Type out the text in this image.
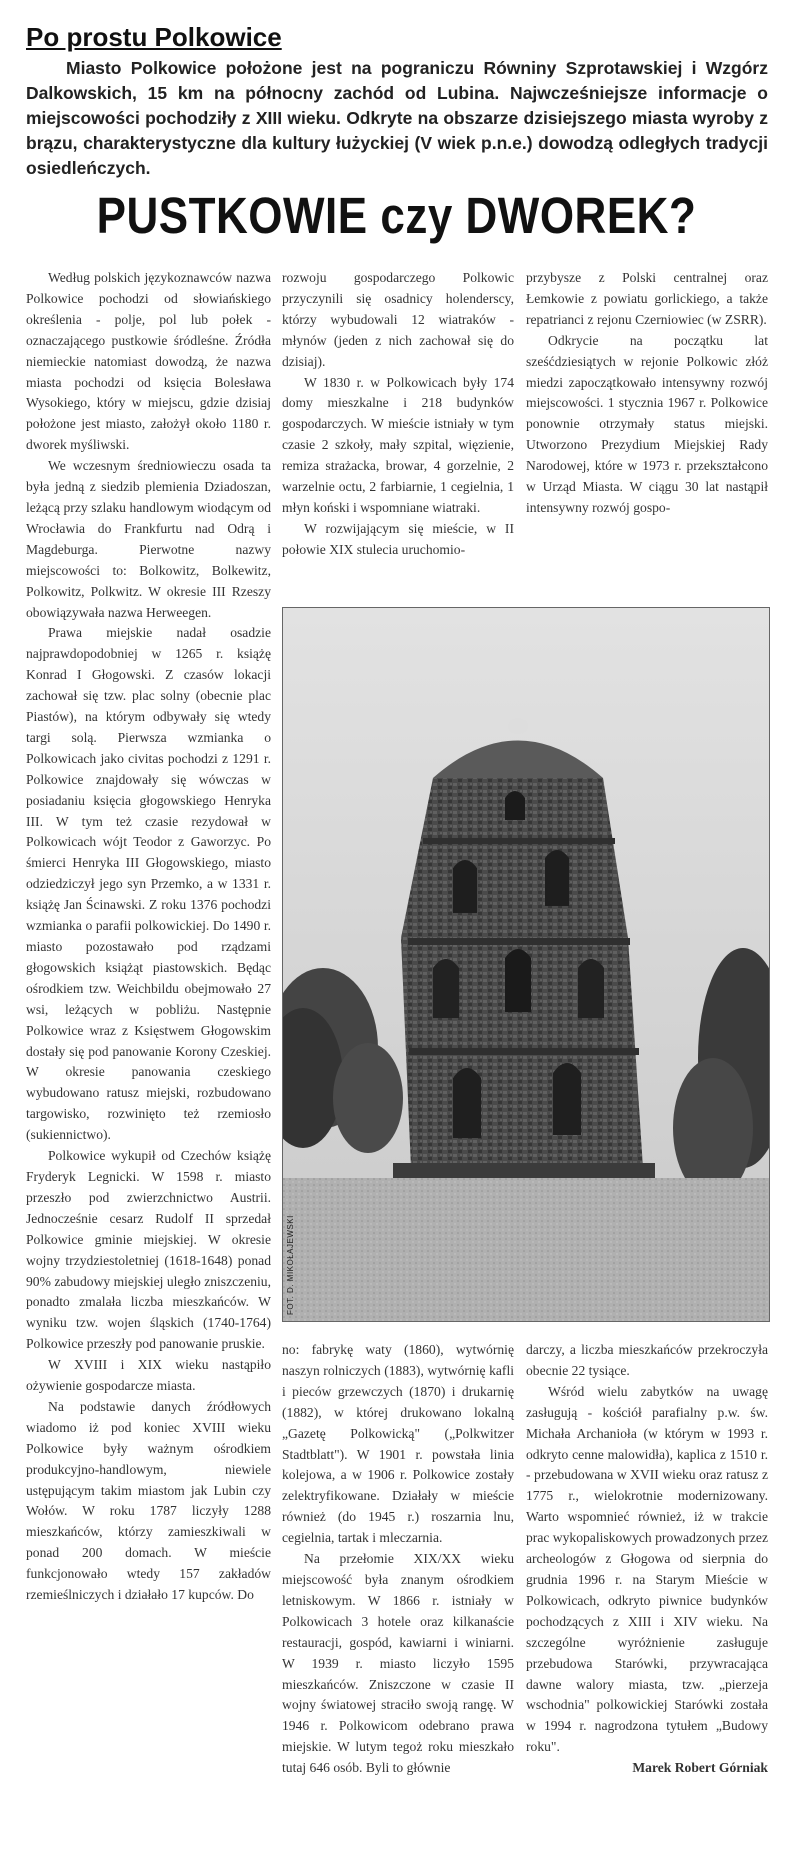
Po prostu Polkowice

Miasto Polkowice położone jest na pograniczu Równiny Szprotawskiej i Wzgórz Dalkowskich, 15 km na północny zachód od Lubina. Najwcześniejsze informacje o miejscowości pochodziły z XIII wieku. Odkryte na obszarze dzisiejszego miasta wyroby z brązu, charakterystyczne dla kultury łużyckiej (V wiek p.n.e.) dowodzą odległych tradycji osiedleńczych.

PUSTKOWIE czy DWOREK?

Według polskich językoznawców nazwa Polkowice pochodzi od słowiańskiego określenia - polje, pol lub połek - oznaczającego pustkowie śródleśne. Źródła niemieckie natomiast dowodzą, że nazwa miasta pochodzi od księcia Bolesława Wysokiego, który w miejscu, gdzie dzisiaj położone jest miasto, założył około 1180 r. dworek myśliwski.

We wczesnym średniowieczu osada ta była jedną z siedzib plemienia Dziadoszan, leżącą przy szlaku handlowym wiodącym od Wrocławia do Frankfurtu nad Odrą i Magdeburga. Pierwotne nazwy miejscowości to: Bolkowitz, Bolkewitz, Polkowitz, Polkwitz. W okresie III Rzeszy obowiązywała nazwa Herweegen.

Prawa miejskie nadał osadzie najprawdopodobniej w 1265 r. książę Konrad I Głogowski. Z czasów lokacji zachował się tzw. plac solny (obecnie plac Piastów), na którym odbywały się wtedy targi solą. Pierwsza wzmianka o Polkowicach jako civitas pochodzi z 1291 r. Polkowice znajdowały się wówczas w posiadaniu księcia głogowskiego Henryka III. W tym też czasie rezydował w Polkowicach wójt Teodor z Gaworzyc. Po śmierci Henryka III Głogowskiego, miasto odziedziczył jego syn Przemko, a w 1331 r. książę Jan Ścinawski. Z roku 1376 pochodzi wzmianka o parafii polkowickiej. Do 1490 r. miasto pozostawało pod rządzami głogowskich książąt piastowskich. Będąc ośrodkiem tzw. Weichbildu obejmowało 27 wsi, leżących w pobliżu. Następnie Polkowice wraz z Księstwem Głogowskim dostały się pod panowanie Korony Czeskiej. W okresie panowania czeskiego wybudowano ratusz miejski, rozbudowano targowisko, rozwinięto też rzemiosło (sukiennictwo).

Polkowice wykupił od Czechów książę Fryderyk Legnicki. W 1598 r. miasto przeszło pod zwierzchnictwo Austrii. Jednocześnie cesarz Rudolf II sprzedał Polkowice gminie miejskiej. W okresie wojny trzydziestoletniej (1618-1648) ponad 90% zabudowy miejskiej uległo zniszczeniu, ponadto zmalała liczba mieszkańców. W wyniku tzw. wojen śląskich (1740-1764) Polkowice przeszły pod panowanie pruskie.

W XVIII i XIX wieku nastąpiło ożywienie gospodarcze miasta.

Na podstawie danych źródłowych wiadomo iż pod koniec XVIII wieku Polkowice były ważnym ośrodkiem produkcyjno-handlowym, niewiele ustępującym takim miastom jak Lubin czy Wołów. W roku 1787 liczyły 1288 mieszkańców, którzy zamieszkiwali w ponad 200 domach. W mieście funkcjonowało wtedy 157 zakładów rzemieślniczych i działało 17 kupców. Do

rozwoju gospodarczego Polkowic przyczynili się osadnicy holenderscy, którzy wybudowali 12 wiatraków - młynów (jeden z nich zachował się do dzisiaj).

W 1830 r. w Polkowicach były 174 domy mieszkalne i 218 budynków gospodarczych. W mieście istniały w tym czasie 2 szkoły, mały szpital, więzienie, remiza strażacka, browar, 4 gorzelnie, 2 warzelnie octu, 2 farbiarnie, 1 cegielnia, 1 młyn koński i wspomniane wiatraki.

W rozwijającym się mieście, w II połowie XIX stulecia uruchomio-

przybysze z Polski centralnej oraz Łemkowie z powiatu gorlickiego, a także repatrianci z rejonu Czerniowiec (w ZSRR).

Odkrycie na początku lat sześćdziesiątych w rejonie Polkowic złóż miedzi zapoczątkowało intensywny rozwój miejscowości. 1 stycznia 1967 r. Polkowice ponownie otrzymały status miejski. Utworzono Prezydium Miejskiej Rady Narodowej, które w 1973 r. przekształcono w Urząd Miasta. W ciągu 30 lat nastąpił intensywny rozwój gospo-

FOT. D. MIKOŁAJEWSKI

no: fabrykę waty (1860), wytwórnię naszyn rolniczych (1883), wytwórnię kafli i pieców grzewczych (1870) i drukarnię (1882), w której drukowano lokalną „Gazetę Polkowicką" („Polkwitzer Stadtblatt"). W 1901 r. powstała linia kolejowa, a w 1906 r. Polkowice zostały zelektryfikowane. Działały w mieście również (do 1945 r.) roszarnia lnu, cegielnia, tartak i mleczarnia.

Na przełomie XIX/XX wieku miejscowość była znanym ośrodkiem letniskowym. W 1866 r. istniały w Polkowicach 3 hotele oraz kilkanaście restauracji, gospód, kawiarni i winiarni. W 1939 r. miasto liczyło 1595 mieszkańców. Zniszczone w czasie II wojny światowej straciło swoją rangę. W 1946 r. Polkowicom odebrano prawa miejskie. W lutym tegoż roku mieszkało tutaj 646 osób. Byli to głównie

darczy, a liczba mieszkańców przekroczyła obecnie 22 tysiące.

Wśród wielu zabytków na uwagę zasługują - kościół parafialny p.w. św. Michała Archanioła (w którym w 1993 r. odkryto cenne malowidła), kaplica z 1510 r. - przebudowana w XVII wieku oraz ratusz z 1775 r., wielokrotnie modernizowany. Warto wspomnieć również, iż w trakcie prac wykopaliskowych prowadzonych przez archeologów z Głogowa od sierpnia do grudnia 1996 r. na Starym Mieście w Polkowicach, odkryto piwnice budynków pochodzących z XIII i XIV wieku. Na szczególne wyróżnienie zasługuje przebudowa Starówki, przywracająca dawne walory miasta, tzw. „pierzeja wschodnia" polkowickiej Starówki została w 1994 r. nagrodzona tytułem „Budowy roku".

Marek Robert Górniak
